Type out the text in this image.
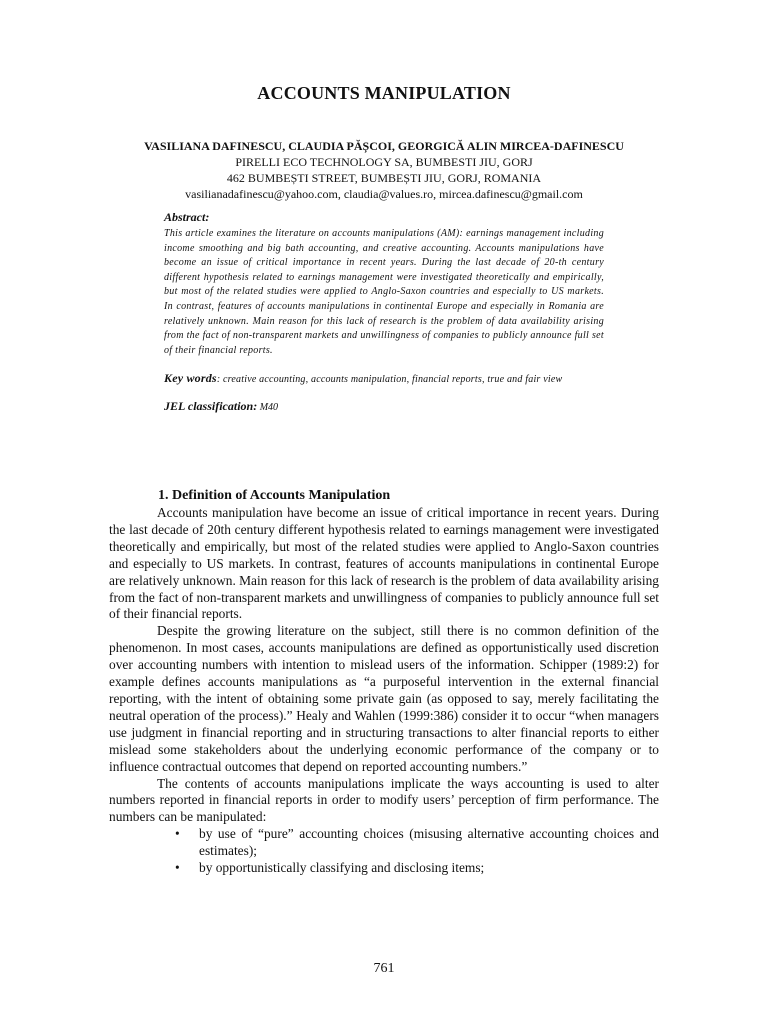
ACCOUNTS MANIPULATION
VASILIANA DAFINESCU, CLAUDIA PĂȘCOI, GEORGICĂ ALIN MIRCEA-DAFINESCU
PIRELLI ECO TECHNOLOGY SA, BUMBESTI JIU, GORJ
462 BUMBEȘTI STREET, BUMBEȘTI JIU, GORJ, ROMANIA
vasilianadafinescu@yahoo.com, claudia@values.ro, mircea.dafinescu@gmail.com
Abstract:
This article examines the literature on accounts manipulations (AM): earnings management including income smoothing and big bath accounting, and creative accounting. Accounts manipulations have become an issue of critical importance in recent years. During the last decade of 20-th century different hypothesis related to earnings management were investigated theoretically and empirically, but most of the related studies were applied to Anglo-Saxon countries and especially to US markets. In contrast, features of accounts manipulations in continental Europe and especially in Romania are relatively unknown. Main reason for this lack of research is the problem of data availability arising from the fact of non-transparent markets and unwillingness of companies to publicly announce full set of their financial reports.
Key words: creative accounting, accounts manipulation, financial reports, true and fair view
JEL classification: M40
1. Definition of Accounts Manipulation

Accounts manipulation have become an issue of critical importance in recent years. During the last decade of 20th century different hypothesis related to earnings management were investigated theoretically and empirically, but most of the related studies were applied to Anglo-Saxon countries and especially to US markets. In contrast, features of accounts manipulations in continental Europe are relatively unknown. Main reason for this lack of research is the problem of data availability arising from the fact of non-transparent markets and unwillingness of companies to publicly announce full set of their financial reports.

Despite the growing literature on the subject, still there is no common definition of the phenomenon. In most cases, accounts manipulations are defined as opportunistically used discretion over accounting numbers with intention to mislead users of the information. Schipper (1989:2) for example defines accounts manipulations as “a purposeful intervention in the external financial reporting, with the intent of obtaining some private gain (as opposed to say, merely facilitating the neutral operation of the process).” Healy and Wahlen (1999:386) consider it to occur “when managers use judgment in financial reporting and in structuring transactions to alter financial reports to either mislead some stakeholders about the underlying economic performance of the company or to influence contractual outcomes that depend on reported accounting numbers.”

The contents of accounts manipulations implicate the ways accounting is used to alter numbers reported in financial reports in order to modify users’ perception of firm performance. The numbers can be manipulated:

• by use of “pure” accounting choices (misusing alternative accounting choices and estimates);
• by opportunistically classifying and disclosing items;
761
